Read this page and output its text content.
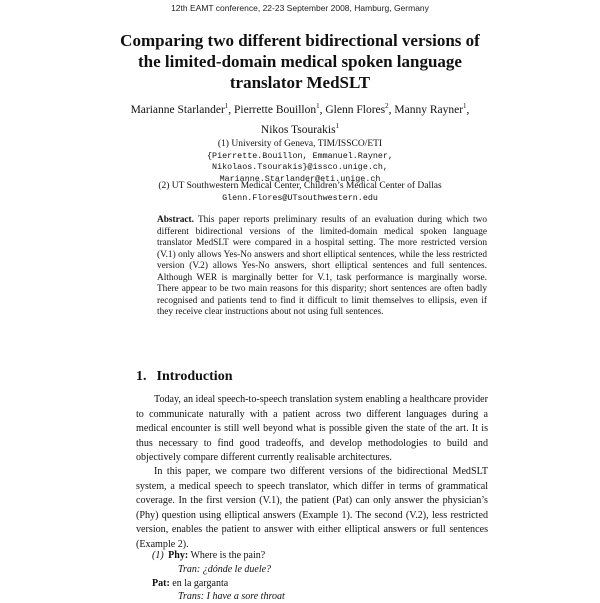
12th EAMT conference, 22-23 September 2008, Hamburg, Germany
Comparing two different bidirectional versions of
the limited-domain medical spoken language
translator MedSLT
Marianne Starlander$^1$, Pierrette Bouillon$^1$, Glenn Flores$^2$, Manny Rayner$^1$,
Nikos Tsourakis$^1$
(1) University of Geneva, TIM/ISSCO/ETI
{Pierrette.Bouillon, Emmanuel.Rayner,
Nikolaos.Tsourakis}@issco.unige.ch,
Marianne.Starlander@eti.unige.ch
(2) UT Southwestern Medical Center, Children’s Medical Center of Dallas
Glenn.Flores@UTsouthwestern.edu
Abstract. This paper reports preliminary results of an evaluation during which two different bidirectional versions of the limited-domain medical spoken language translator MedSLT were compared in a hospital setting. The more restricted version (V.1) only allows Yes-No answers and short elliptical sentences, while the less restricted version (V.2) allows Yes-No answers, short elliptical sentences and full sentences. Although WER is marginally better for V.1, task performance is marginally worse. There appear to be two main reasons for this disparity; short sentences are often badly recognised and patients tend to find it difficult to limit themselves to ellipsis, even if they receive clear instructions about not using full sentences.
1. Introduction
Today, an ideal speech-to-speech translation system enabling a healthcare provider to communicate naturally with a patient across two different languages during a medical encounter is still well beyond what is possible given the state of the art. It is thus necessary to find good tradeoffs, and develop methodologies to build and objectively compare different currently realisable architectures.
In this paper, we compare two different versions of the bidirectional MedSLT system, a medical speech to speech translator, which differ in terms of grammatical coverage. In the first version (V.1), the patient (Pat) can only answer the physician’s (Phy) question using elliptical answers (Example 1). The second (V.2), less restricted version, enables the patient to answer with either elliptical answers or full sentences (Example 2).
(1) Phy: Where is the pain?
Tran: ¿dónde le duele?
Pat: en la garganta
Trans: I have a sore throat
